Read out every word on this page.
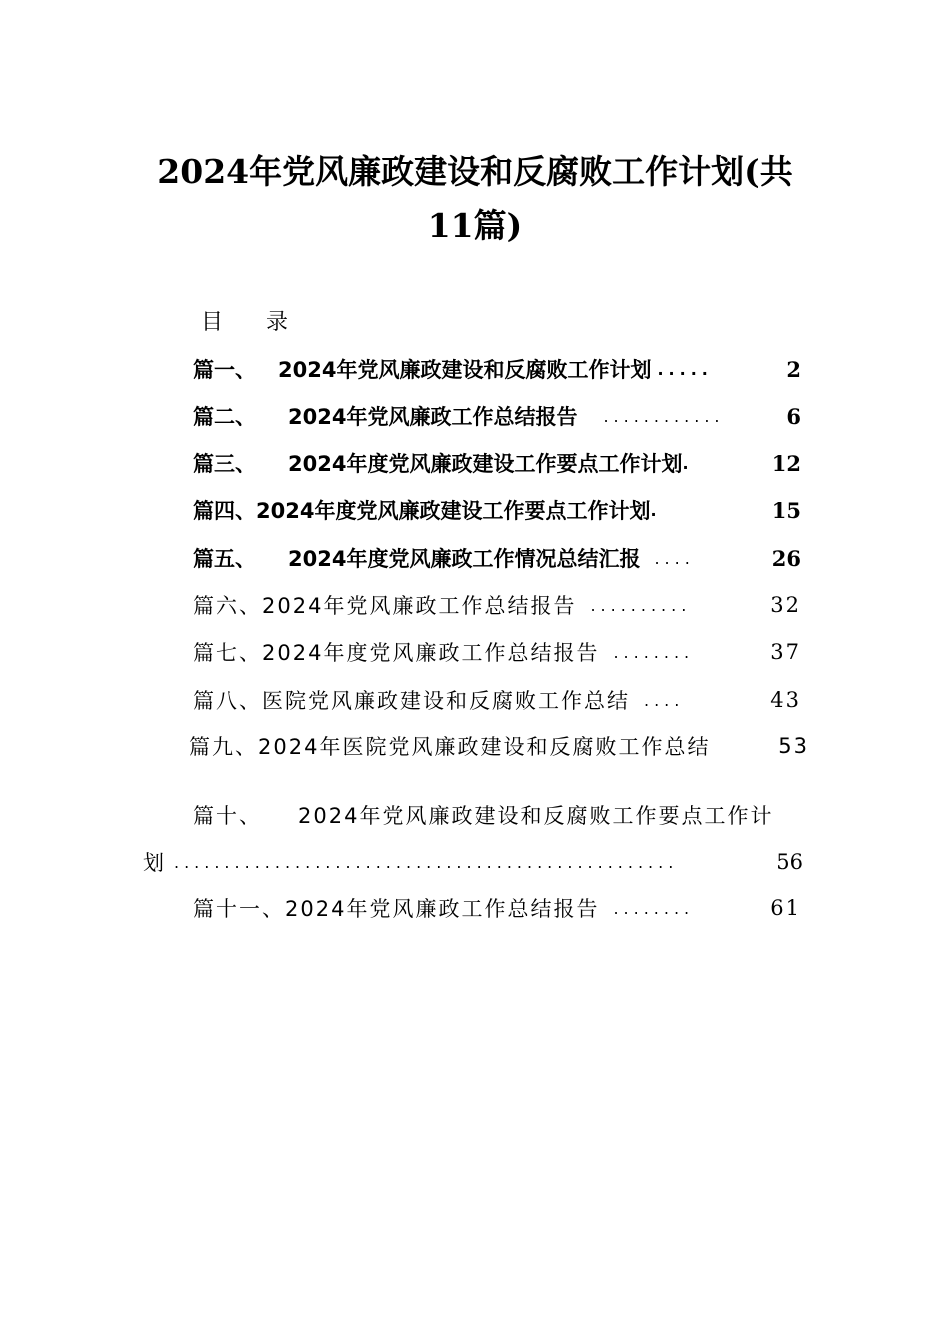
2024年党风廉政建设和反腐败工作计划(共
11篇)
目 录
篇一、 2024年党风廉政建设和反腐败工作计划 .....	2
篇二、 2024年党风廉政工作总结报告	............	6
篇三、 2024年度党风廉政建设工作要点工作计划 .	12
篇四、 2024年度党风廉政建设工作要点工作计划 .	15
篇五、 2024年度党风廉政工作情况总结汇报 ....	26
篇六、 2024年党风廉政工作总结报告 ..........	32
篇七、 2024年度党风廉政工作总结报告 ........	37
篇八、 医院党风廉政建设和反腐败工作总结 ....	43
篇九、 2024年医院党风廉政建设和反腐败工作总结	53
篇十、 2024年党风廉政建设和反腐败工作要点工作计
划 ..................................................	56
篇十一、 2024年党风廉政工作总结报告 ........	61
